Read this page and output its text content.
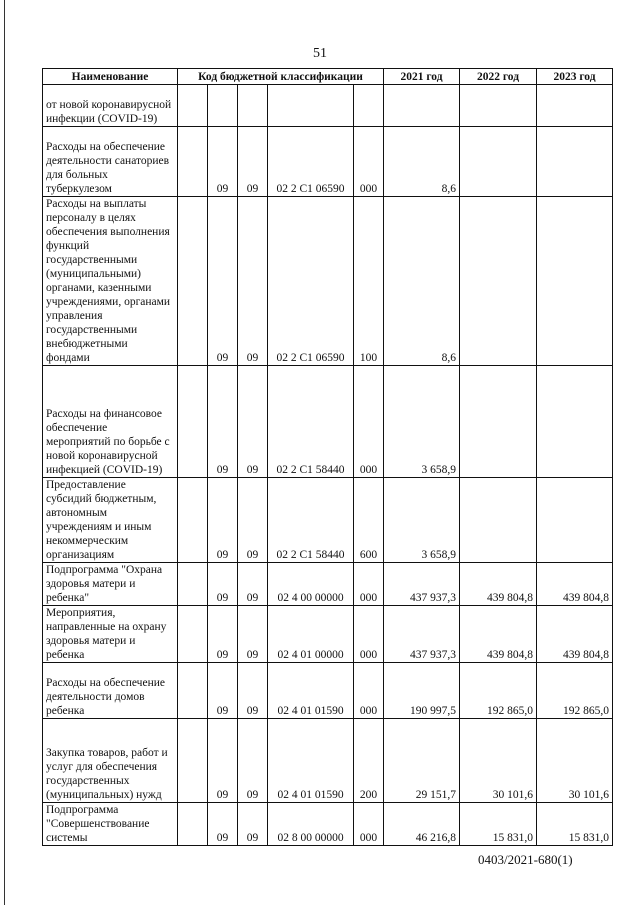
51
Наименование	Код бюджетной классификации					2021 год	2022 год	2023 год
от новой коронавирусной инфекции (COVID-19)								
Расходы на обеспечение деятельности санаториев для больных туберкулезом		09	09	02 2 С1 06590	000	8,6		
Расходы на выплаты персоналу в целях обеспечения выполнения функций государственными (муниципальными) органами, казенными учреждениями, органами управления государственными внебюджетными фондами		09	09	02 2 С1 06590	100	8,6		
Расходы на финансовое обеспечение мероприятий по борьбе с новой коронавирусной инфекцией (COVID-19)		09	09	02 2 С1 58440	000	3 658,9		
Предоставление субсидий бюджетным, автономным учреждениям и иным некоммерческим организациям		09	09	02 2 С1 58440	600	3 658,9		
Подпрограмма "Охрана здоровья матери и ребенка"		09	09	02 4 00 00000	000	437 937,3	439 804,8	439 804,8
Мероприятия, направленные на охрану здоровья матери и ребенка		09	09	02 4 01 00000	000	437 937,3	439 804,8	439 804,8
Расходы на обеспечение деятельности домов ребенка		09	09	02 4 01 01590	000	190 997,5	192 865,0	192 865,0
Закупка товаров, работ и услуг для обеспечения государственных (муниципальных) нужд		09	09	02 4 01 01590	200	29 151,7	30 101,6	30 101,6
Подпрограмма "Совершенствование системы		09	09	02 8 00 00000	000	46 216,8	15 831,0	15 831,0
0403/2021-680(1)
